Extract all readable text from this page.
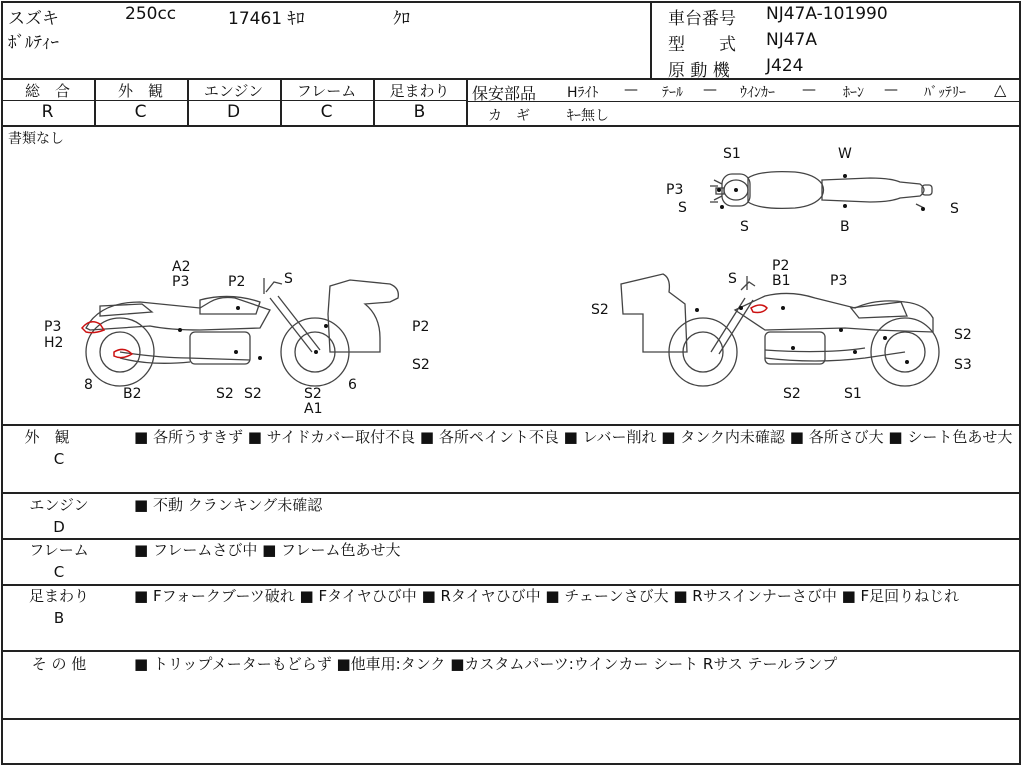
スズキ	250cc	17461 ｷﾛ	ｸﾛ
ﾎﾞﾙﾃｨｰ
車台番号 NJ47A-101990
型　　式 NJ47A
原 動 機 J424
総　合
R
外　観
C
エンジン
D
フレーム
C
足まわり
B
保安部品 Hﾗｲﾄ — ﾃｰﾙ — ｳｲﾝｶｰ — ﾎｰﾝ — ﾊﾞｯﾃﾘｰ △
カ　ギ	ｷｰ無し
書類なし
S1	W
P3
S
S
S
B
A2
P3	P2	S
P3
H2
P2
S2
8
B2	S2 S2	S2
6
A1
S
P2
B1	P3
S2
S2
S3
S2	S1
外　観
C
■ 各所うすきず ■ サイドカバー取付不良 ■ 各所ペイント不良 ■ レバー削れ ■ タンク内未確認 ■ 各所さび大 ■ シート色あせ大
エンジン
D
■ 不動 クランキング未確認
フレーム
C
■ フレームさび中 ■ フレーム色あせ大
足まわり
B
■ Fフォークブーツ破れ ■ Fタイヤひび中 ■ Rタイヤひび中 ■ チェーンさび大 ■ Rサスインナーさび中 ■ F足回りねじれ
そ の 他	■ トリップメーターもどらず ■他車用:タンク ■カスタムパーツ:ウインカー シート Rサス テールランプ
